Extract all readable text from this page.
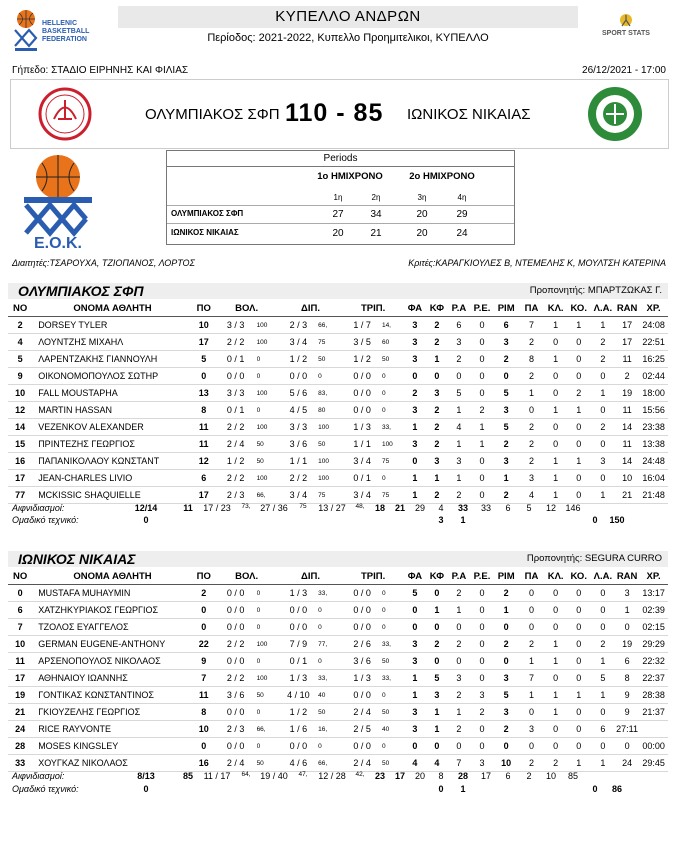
HELLENIC
BASKETBALL
FEDERATION
ΚΥΠΕΛΛΟ ΑΝΔΡΩΝ
Περίοδος: 2021-2022, Κυπελλο Προημιτελικοι, ΚΥΠΕΛΛΟ	SPORT STATS
Γήπεδο: ΣΤΑΔΙΟ ΕΙΡΗΝΗΣ ΚΑΙ ΦΙΛΙΑΣ	26/12/2021 - 17:00
ΟΛΥΜΠΙΑΚΟΣ ΣΦΠ 110 - 85 ΙΩΝΙΚΟΣ ΝΙΚΑΙΑΣ
Ε.Ο.Κ.
Periods
1ο ΗΜΙΧΡΟΝΟ	2ο ΗΜΙΧΡΟΝΟ
1η	2η	3η	4η
ΟΛΥΜΠΙΑΚΟΣ ΣΦΠ	27	34	20	29
ΙΩΝΙΚΟΣ ΝΙΚΑΙΑΣ	20	21	20	24
Διαιτητές:ΤΣΑΡΟΥΧΑ, ΤΖΙΟΠΑΝΟΣ, ΛΟΡΤΟΣ	Κριτές:ΚΑΡΑΓΚΙΟΥΛΕΣ Β, ΝΤΕΜΕΛΗΣ Κ, ΜΟΥΛΤΣΗ ΚΑΤΕΡΙΝΑ
ΟΛΥΜΠΙΑΚΟΣ ΣΦΠ	Προπονητής: ΜΠΑΡΤΖΩΚΑΣ Γ.
ΝΟ	ΟΝΟΜΑ ΑΘΛΗΤΗ	ΠΟ	ΒΟΛ.		ΔΙΠ.		ΤΡΙΠ.		ΦΑ	ΚΦ	Ρ.Α	Ρ.Ε.	ΡΙΜ	ΠΑ	ΚΛ.	ΚΟ.	Λ.Α.	RAN	ΧΡ.
2	DORSEY TYLER	10	3 / 3	100	2 / 3	66,	1 / 7	14,	3	2	6	0	6	7	1	1	1	17	24:08
4	ΛΟΥΝΤΖΗΣ ΜΙΧΑΗΛ	17	2 / 2	100	3 / 4	75	3 / 5	60	3	2	3	0	3	2	0	0	2	17	22:51
5	ΛΑΡΕΝΤΖΑΚΗΣ ΓΙΑΝΝΟΥΛΗ	5	0 / 1	0	1 / 2	50	1 / 2	50	3	1	2	0	2	8	1	0	2	11	16:25
9	ΟΙΚΟΝΟΜΟΠΟΥΛΟΣ ΣΩΤΗΡ	0	0 / 0	0	0 / 0	0	0 / 0	0	0	0	0	0	0	2	0	0	0	2	02:44
10	FALL MOUSTAPHA	13	3 / 3	100	5 / 6	83,	0 / 0	0	2	3	5	0	5	1	0	2	1	19	18:00
12	MARTIN HASSAN	8	0 / 1	0	4 / 5	80	0 / 0	0	3	2	1	2	3	0	1	1	0	11	15:56
14	VEZENKOV ALEXANDER	11	2 / 2	100	3 / 3	100	1 / 3	33,	1	2	4	1	5	2	0	0	2	14	23:38
15	ΠΡΙΝΤΕΖΗΣ ΓΕΩΡΓΙΟΣ	11	2 / 4	50	3 / 6	50	1 / 1	100	3	2	1	1	2	2	0	0	0	11	13:38
16	ΠΑΠΑΝΙΚΟΛΑΟΥ ΚΩΝΣΤΑΝΤ	12	1 / 2	50	1 / 1	100	3 / 4	75	0	3	3	0	3	2	1	1	3	14	24:48
17	JEAN-CHARLES LIVIO	6	2 / 2	100	2 / 2	100	0 / 1	0	1	1	1	0	1	3	1	0	0	10	16:04
77	MCKISSIC SHAQUIELLE	17	2 / 3	66,	3 / 4	75	3 / 4	75	1	2	2	0	2	4	1	0	1	21	21:48
Αιφνιδιασμοί:	12/14	11	17 / 23	73,	27 / 36	75	13 / 27	48,	18	21	29	4	33	33	6	5	12	146
Ομαδικό τεχνικό:	0	3	1	0	150
ΙΩΝΙΚΟΣ ΝΙΚΑΙΑΣ	Προπονητής: SEGURA CURRO
ΝΟ	ΟΝΟΜΑ ΑΘΛΗΤΗ	ΠΟ	ΒΟΛ.		ΔΙΠ.		ΤΡΙΠ.		ΦΑ	ΚΦ	Ρ.Α	Ρ.Ε.	ΡΙΜ	ΠΑ	ΚΛ.	ΚΟ.	Λ.Α.	RAN	ΧΡ.
0	MUSTAFA MUHAYMIN	2	0 / 0	0	1 / 3	33,	0 / 0	0	5	0	2	0	2	0	0	0	0	3	13:17
6	ΧΑΤΖΗΚΥΡΙΑΚΟΣ ΓΕΩΡΓΙΟΣ	0	0 / 0	0	0 / 0	0	0 / 0	0	0	1	1	0	1	0	0	0	0	1	02:39
7	ΤΖΟΛΟΣ ΕΥΑΓΓΕΛΟΣ	0	0 / 0	0	0 / 0	0	0 / 0	0	0	0	0	0	0	0	0	0	0	0	02:15
10	GERMAN EUGENE-ANTHONY	22	2 / 2	100	7 / 9	77,	2 / 6	33,	3	2	2	0	2	2	1	0	2	19	29:29
11	ΑΡΣΕΝΟΠΟΥΛΟΣ ΝΙΚΟΛΑΟΣ	9	0 / 0	0	0 / 1	0	3 / 6	50	3	0	0	0	0	1	1	0	1	6	22:32
17	ΑΘΗΝΑΙΟΥ ΙΩΑΝΝΗΣ	7	2 / 2	100	1 / 3	33,	1 / 3	33,	1	5	3	0	3	7	0	0	5	8	22:37
19	ΓΟΝΤΙΚΑΣ ΚΩΝΣΤΑΝΤΙΝΟΣ	11	3 / 6	50	4 / 10	40	0 / 0	0	1	3	2	3	5	1	1	1	1	9	28:38
21	ΓΚΙΟΥΖΕΛΗΣ ΓΕΩΡΓΙΟΣ	8	0 / 0	0	1 / 2	50	2 / 4	50	3	1	1	2	3	0	1	0	0	9	21:37
24	RICE RAYVONTE	10	2 / 3	66,	1 / 6	16,	2 / 5	40	3	1	2	0	2	3	0	0	6	27:11	
28	MOSES KINGSLEY	0	0 / 0	0	0 / 0	0	0 / 0	0	0	0	0	0	0	0	0	0	0	0	00:00
33	ΧΟΥΓΚΑΖ ΝΙΚΟΛΑΟΣ	16	2 / 4	50	4 / 6	66,	2 / 4	50	4	4	7	3	10	2	2	1	1	24	29:45
Αιφνιδιασμοί:	8/13	85	11 / 17	64,	19 / 40	47,	12 / 28	42,	23	17	20	8	28	17	6	2	10	85
Ομαδικό τεχνικό:	0	0	1	0	86
